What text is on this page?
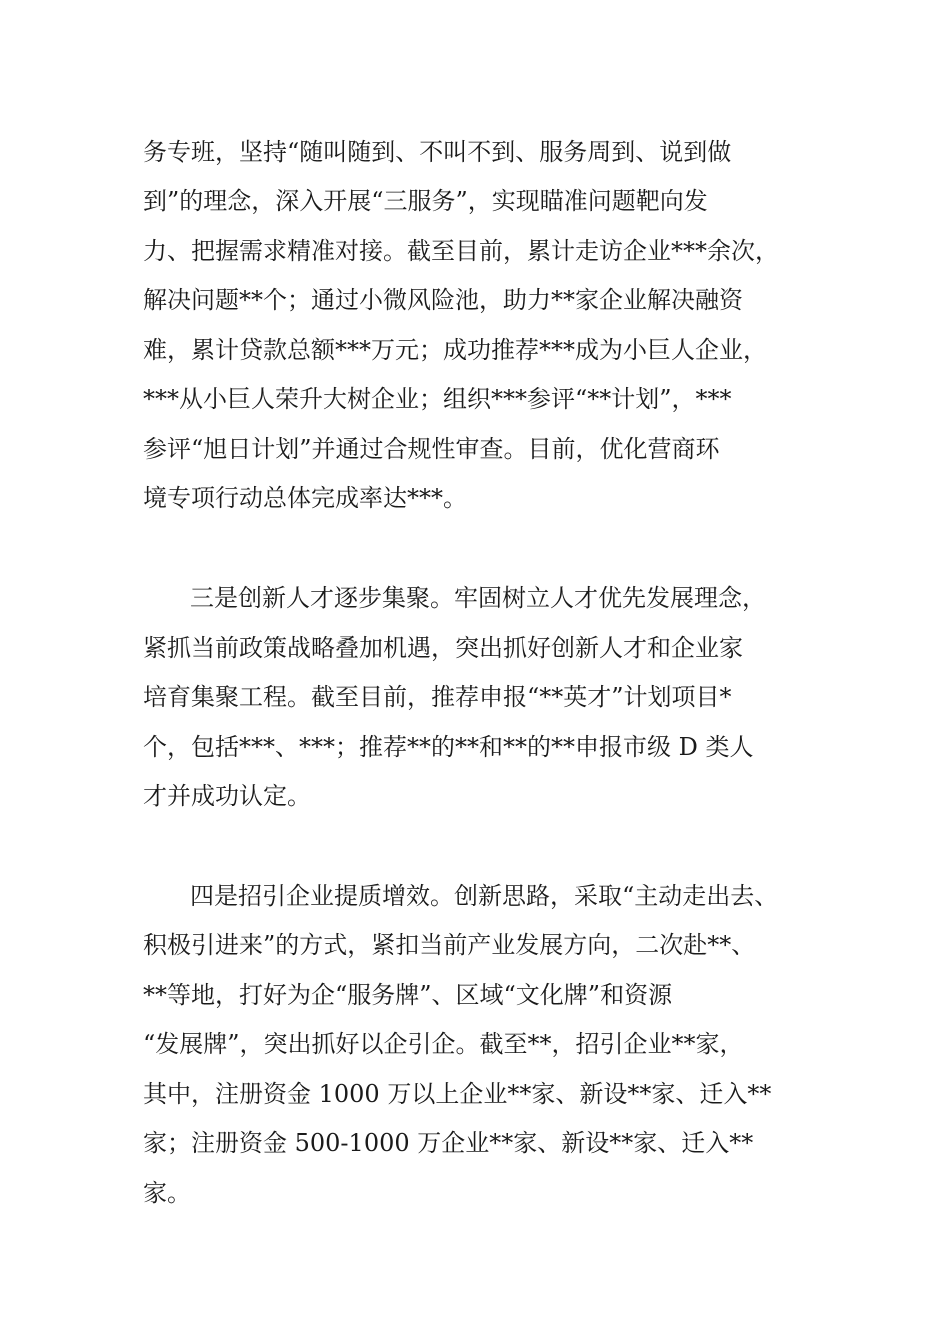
务专班，坚持“随叫随到、不叫不到、服务周到、说到做
到”的理念，深入开展“三服务”，实现瞄准问题靶向发
力、把握需求精准对接。截至目前，累计走访企业***余次，
解决问题**个；通过小微风险池，助力**家企业解决融资
难，累计贷款总额***万元；成功推荐***成为小巨人企业，
***从小巨人荣升大树企业；组织***参评“**计划”，***
参评“旭日计划”并通过合规性审查。目前，优化营商环
境专项行动总体完成率达***。
三是创新人才逐步集聚。牢固树立人才优先发展理念，
紧抓当前政策战略叠加机遇，突出抓好创新人才和企业家
培育集聚工程。截至目前，推荐申报“**英才”计划项目*
个，包括***、***；推荐**的**和**的**申报市级 D 类人
才并成功认定。
四是招引企业提质增效。创新思路，采取“主动走出去、
积极引进来”的方式，紧扣当前产业发展方向，二次赴**、
**等地，打好为企“服务牌”、区域“文化牌”和资源
“发展牌”，突出抓好以企引企。截至**，招引企业**家，
其中，注册资金 1000 万以上企业**家、新设**家、迁入**
家；注册资金 500-1000 万企业**家、新设**家、迁入**
家。
